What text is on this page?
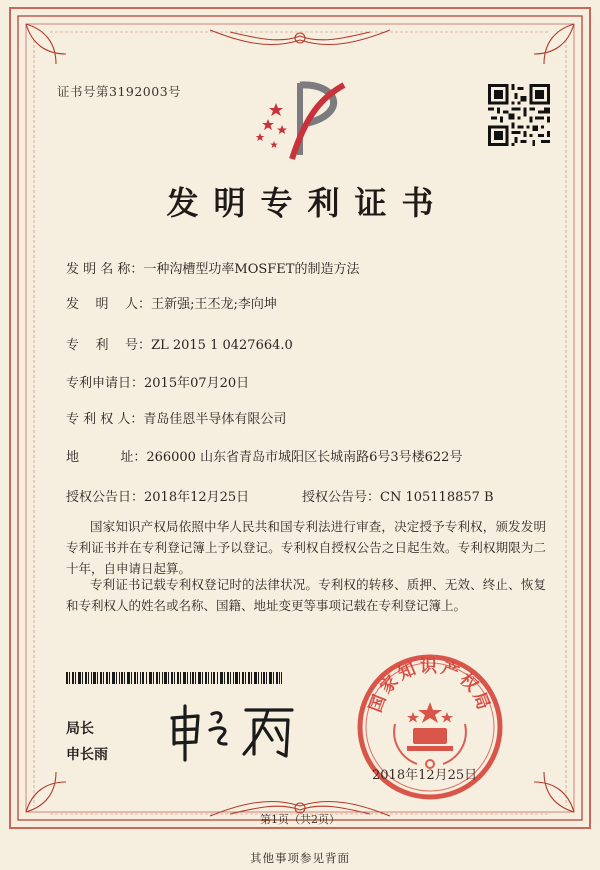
证书号第3192003号
发明专利证书
发 明 名 称：一种沟槽型功率MOSFET的制造方法
发    明    人：王新强;王丕龙;李向坤
专    利    号：ZL 2015 1 0427664.0
专利申请日：2015年07月20日
专 利 权 人：青岛佳恩半导体有限公司
地          址：266000 山东省青岛市城阳区长城南路6号3号楼622号
授权公告日：2018年12月25日	授权公告号：CN 105118857 B
国家知识产权局依照中华人民共和国专利法进行审查，决定授予专利权，颁发发明专利证书并在专利登记簿上予以登记。专利权自授权公告之日起生效。专利权期限为二十年，自申请日起算。
专利证书记载专利权登记时的法律状况。专利权的转移、质押、无效、终止、恢复和专利权人的姓名或名称、国籍、地址变更等事项记载在专利登记簿上。
局长
申长雨
国家知识产权局
2018年12月25日
第1页（共2页）
其他事项参见背面
